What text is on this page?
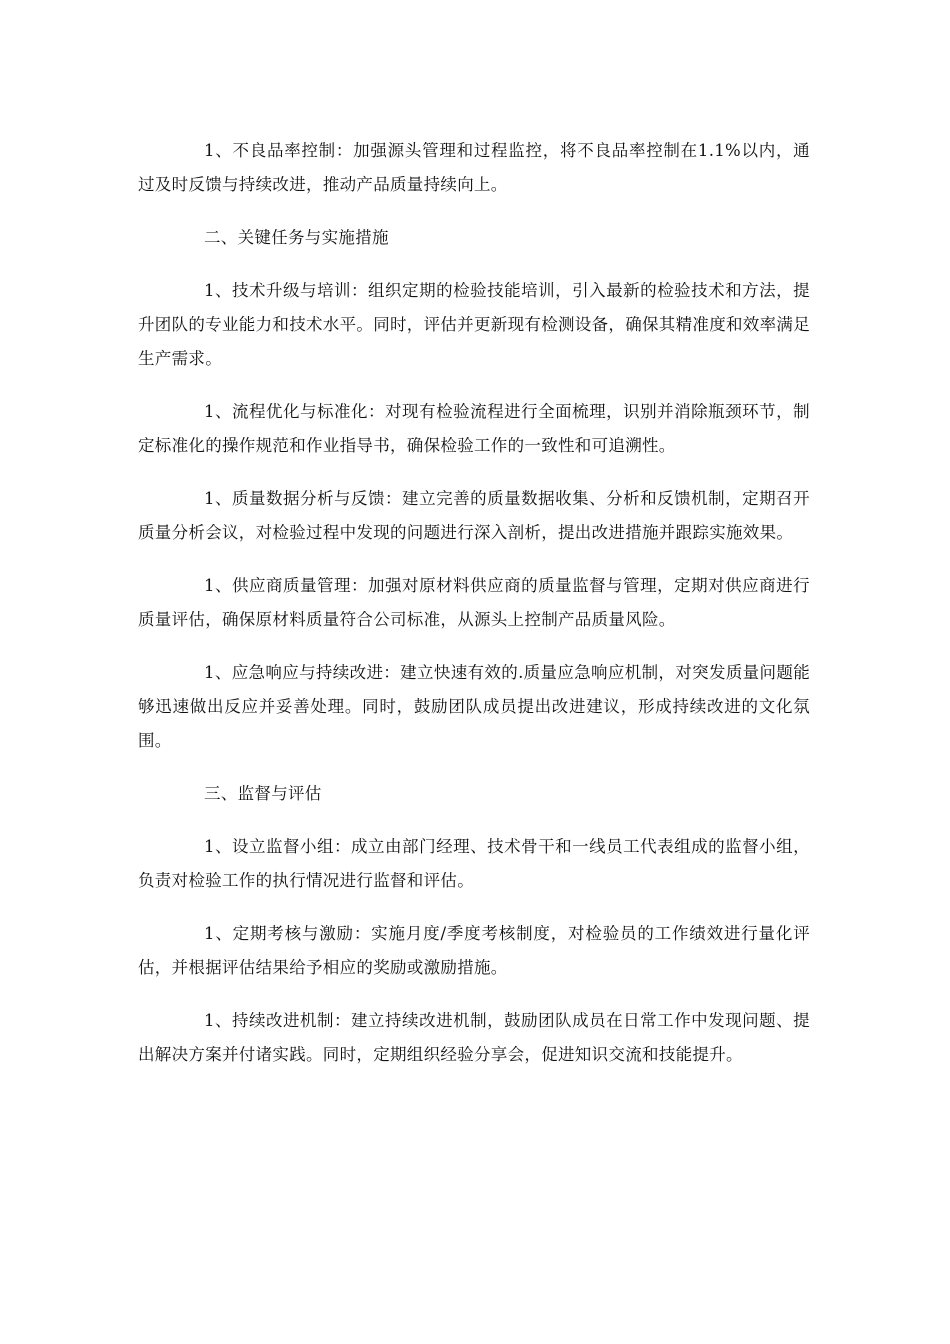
1、不良品率控制：加强源头管理和过程监控，将不良品率控制在1.1%以内，通过及时反馈与持续改进，推动产品质量持续向上。

二、关键任务与实施措施

1、技术升级与培训：组织定期的检验技能培训，引入最新的检验技术和方法，提升团队的专业能力和技术水平。同时，评估并更新现有检测设备，确保其精准度和效率满足生产需求。

1、流程优化与标准化：对现有检验流程进行全面梳理，识别并消除瓶颈环节，制定标准化的操作规范和作业指导书，确保检验工作的一致性和可追溯性。

1、质量数据分析与反馈：建立完善的质量数据收集、分析和反馈机制，定期召开质量分析会议，对检验过程中发现的问题进行深入剖析，提出改进措施并跟踪实施效果。

1、供应商质量管理：加强对原材料供应商的质量监督与管理，定期对供应商进行质量评估，确保原材料质量符合公司标准，从源头上控制产品质量风险。

1、应急响应与持续改进：建立快速有效的.质量应急响应机制，对突发质量问题能够迅速做出反应并妥善处理。同时，鼓励团队成员提出改进建议，形成持续改进的文化氛围。

三、监督与评估

1、设立监督小组：成立由部门经理、技术骨干和一线员工代表组成的监督小组，负责对检验工作的执行情况进行监督和评估。

1、定期考核与激励：实施月度/季度考核制度，对检验员的工作绩效进行量化评估，并根据评估结果给予相应的奖励或激励措施。

1、持续改进机制：建立持续改进机制，鼓励团队成员在日常工作中发现问题、提出解决方案并付诸实践。同时，定期组织经验分享会，促进知识交流和技能提升。
